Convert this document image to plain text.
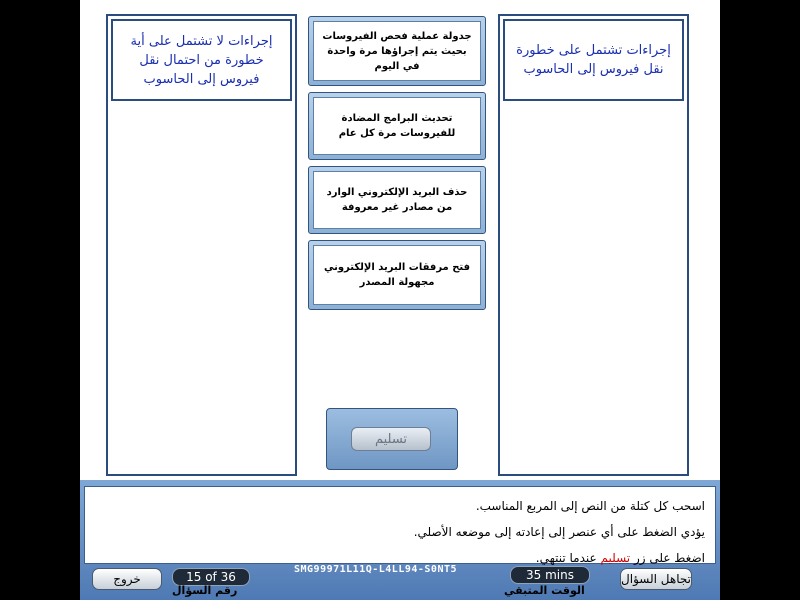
إجراءات لا تشتمل على أية خطورة من احتمال نقل فيروس إلى الحاسوب
إجراءات تشتمل على خطورة نقل فيروس إلى الحاسوب
جدولة عملية فحص الفيروسات بحيث يتم إجراؤها مرة واحدة في اليوم
تحديث البرامج المضادة للفيروسات مرة كل عام
حذف البريد الإلكتروني الوارد من مصادر غير معروفة
فتح مرفقات البريد الإلكتروني مجهولة المصدر
تسليم
اسحب كل كتلة من النص إلى المربع المناسب.
يؤدي الضغط على أي عنصر إلى إعادته إلى موضعه الأصلي.
اضغط على زر تسليم عندما تنتهي.
خروج	15 of 36
رقم السؤال
SMG99971L11Q-L4LL94-S0NT5	35 mins
الوقت المتبقي
تجاهل السؤال
